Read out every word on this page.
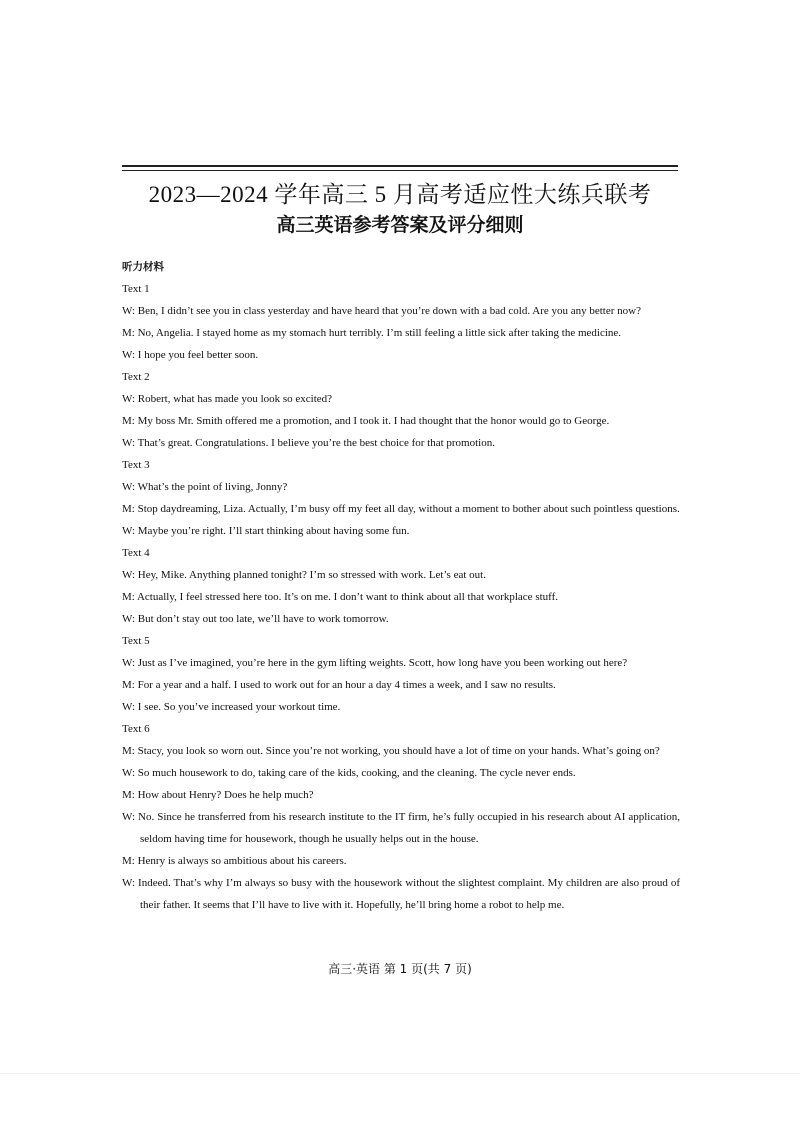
2023—2024 学年高三 5 月高考适应性大练兵联考
高三英语参考答案及评分细则
听力材料
Text 1
W: Ben, I didn’t see you in class yesterday and have heard that you’re down with a bad cold. Are you any better now?
M: No, Angelia. I stayed home as my stomach hurt terribly. I’m still feeling a little sick after taking the medicine.
W: I hope you feel better soon.
Text 2
W: Robert, what has made you look so excited?
M: My boss Mr. Smith offered me a promotion, and I took it. I had thought that the honor would go to George.
W: That’s great. Congratulations. I believe you’re the best choice for that promotion.
Text 3
W: What’s the point of living, Jonny?
M: Stop daydreaming, Liza. Actually, I’m busy off my feet all day, without a moment to bother about such pointless questions.
W: Maybe you’re right. I’ll start thinking about having some fun.
Text 4
W: Hey, Mike. Anything planned tonight? I’m so stressed with work. Let’s eat out.
M: Actually, I feel stressed here too. It’s on me. I don’t want to think about all that workplace stuff.
W: But don’t stay out too late, we’ll have to work tomorrow.
Text 5
W: Just as I’ve imagined, you’re here in the gym lifting weights. Scott, how long have you been working out here?
M: For a year and a half. I used to work out for an hour a day 4 times a week, and I saw no results.
W: I see. So you’ve increased your workout time.
Text 6
M: Stacy, you look so worn out. Since you’re not working, you should have a lot of time on your hands. What’s going on?
W: So much housework to do, taking care of the kids, cooking, and the cleaning. The cycle never ends.
M: How about Henry? Does he help much?
W: No. Since he transferred from his research institute to the IT firm, he’s fully occupied in his research about AI application, seldom having time for housework, though he usually helps out in the house.
M: Henry is always so ambitious about his careers.
W: Indeed. That’s why I’m always so busy with the housework without the slightest complaint. My children are also proud of their father. It seems that I’ll have to live with it. Hopefully, he’ll bring home a robot to help me.
高三·英语 第 1 页(共 7 页)
